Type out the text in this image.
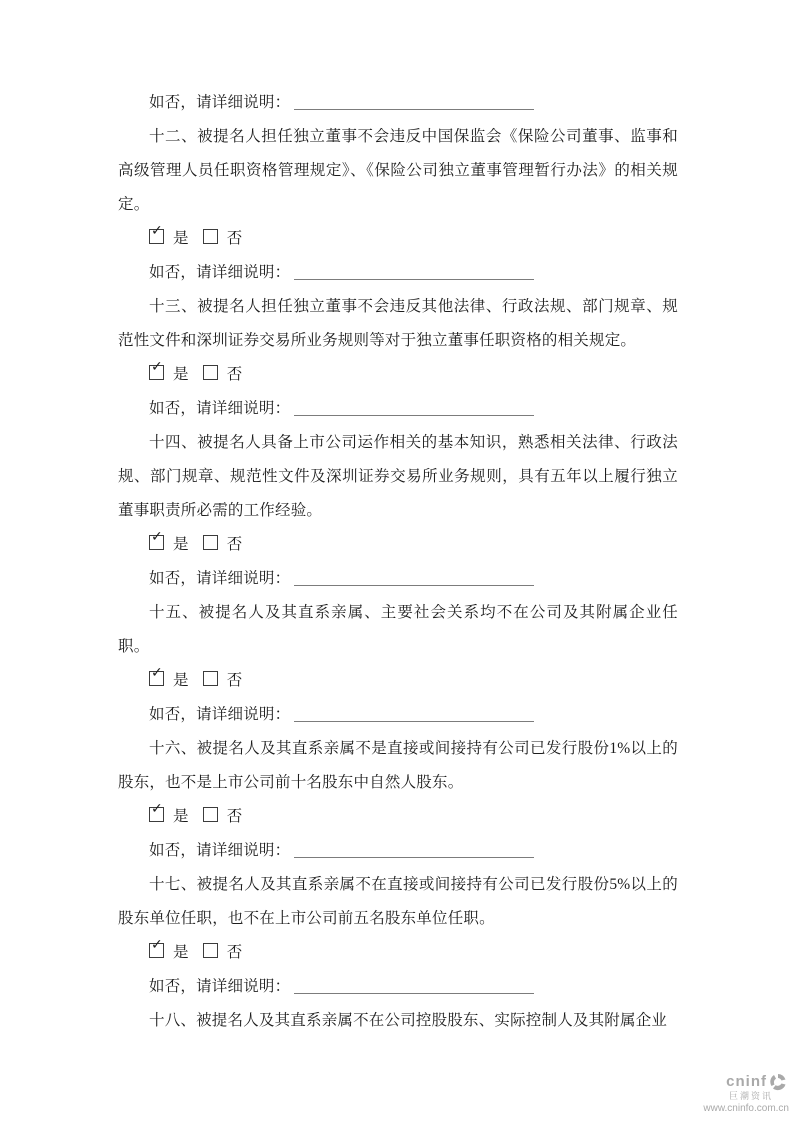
如否，请详细说明：

十二、被提名人担任独立董事不会违反中国保监会《保险公司董事、监事和高级管理人员任职资格管理规定》、《保险公司独立董事管理暂行办法》的相关规定。

✓ 是 否

如否，请详细说明：

十三、被提名人担任独立董事不会违反其他法律、行政法规、部门规章、规范性文件和深圳证券交易所业务规则等对于独立董事任职资格的相关规定。

✓ 是 否

如否，请详细说明：

十四、被提名人具备上市公司运作相关的基本知识，熟悉相关法律、行政法规、部门规章、规范性文件及深圳证券交易所业务规则，具有五年以上履行独立董事职责所必需的工作经验。

✓ 是 否

如否，请详细说明：

十五、被提名人及其直系亲属、主要社会关系均不在公司及其附属企业任职。

✓ 是 否

如否，请详细说明：

十六、被提名人及其直系亲属不是直接或间接持有公司已发行股份1%以上的股东，也不是上市公司前十名股东中自然人股东。

✓ 是 否

如否，请详细说明：

十七、被提名人及其直系亲属不在直接或间接持有公司已发行股份5%以上的股东单位任职，也不在上市公司前五名股东单位任职。

✓ 是 否

如否，请详细说明：

十八、被提名人及其直系亲属不在公司控股股东、实际控制人及其附属企业

cninf
巨潮资讯
www.cninfo.com.cn
